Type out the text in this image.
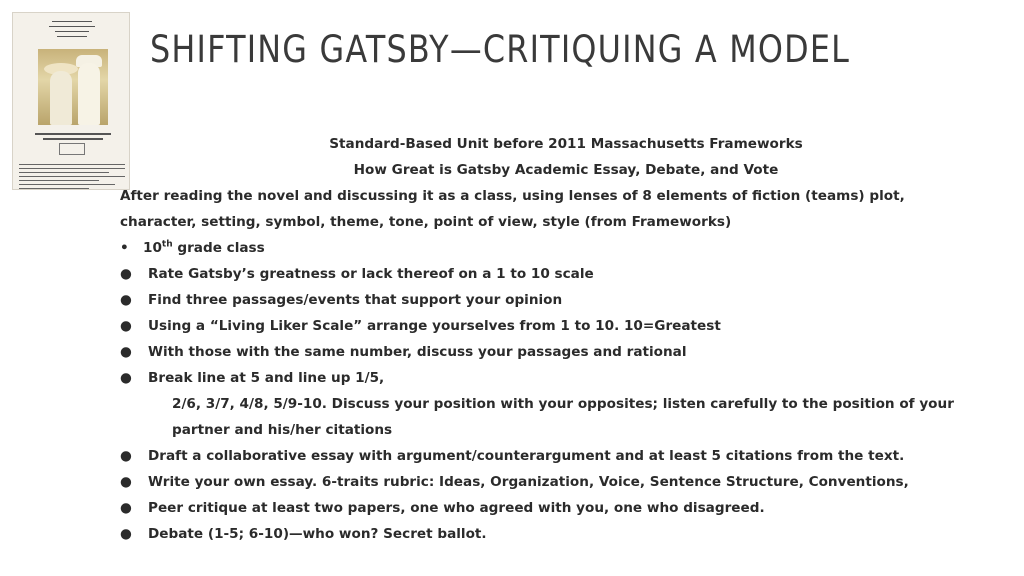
SHIFTING GATSBY—CRITIQUING A MODEL
Standard-Based Unit before 2011 Massachusetts Frameworks
How Great is Gatsby Academic Essay, Debate, and Vote
After reading the novel and discussing it as a class, using lenses of 8 elements of fiction (teams) plot,
character, setting, symbol, theme, tone, point of view, style (from Frameworks)
•	10th grade class
●	Rate Gatsby’s greatness or lack thereof on a 1 to 10 scale
●	Find three passages/events that support your opinion
●	Using a “Living Liker Scale” arrange yourselves from 1 to 10. 10=Greatest
●	With those with the same number, discuss your passages and rational
●	Break line at 5 and line up 1/5,
2/6, 3/7, 4/8, 5/9-10. Discuss your position with your opposites; listen carefully to the position of your
partner and his/her citations
●	Draft a collaborative essay with argument/counterargument and at least 5 citations from the text.
●	Write your own essay. 6-traits rubric: Ideas, Organization, Voice, Sentence Structure, Conventions,
●	Peer critique at least two papers, one who agreed with you, one who disagreed.
●	Debate (1-5; 6-10)—who won? Secret ballot.
